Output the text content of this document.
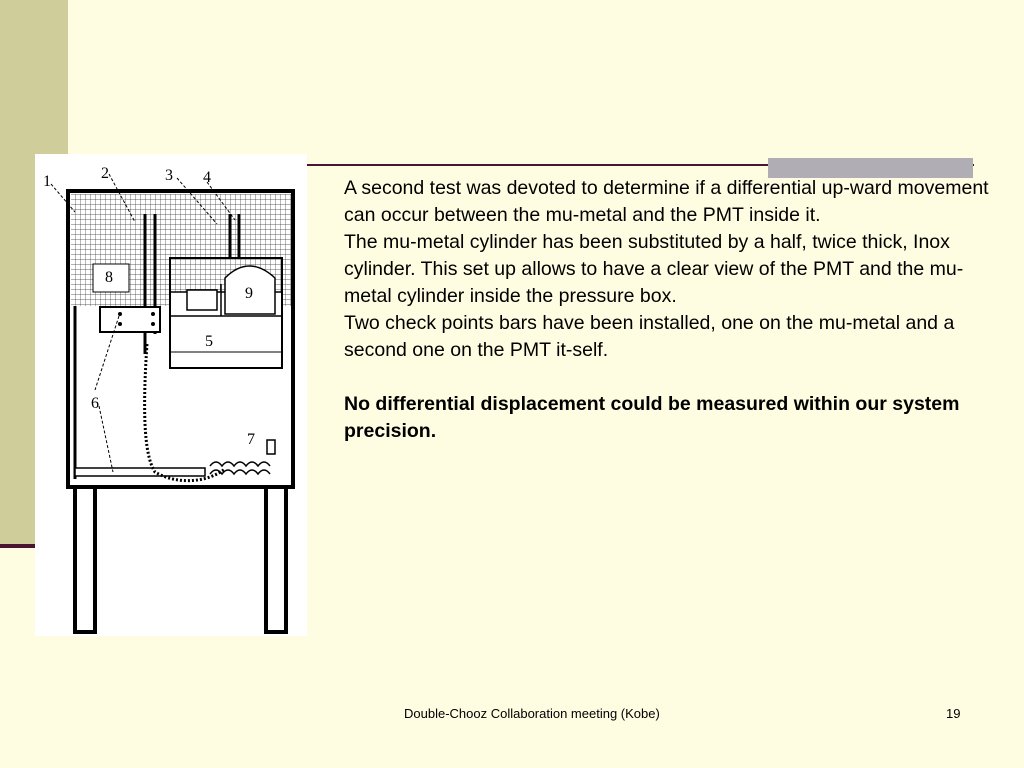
1	2	3 4
5
6
7
8
9

A second test was devoted to determine if a differential up-ward movement can occur between the mu-metal and the PMT inside it.

The mu-metal cylinder has been substituted by a half, twice thick, Inox cylinder. This set up allows to have a clear view of the PMT and the mu-metal cylinder inside the pressure box.

Two check points bars have been installed, one on the mu-metal and a second one on the PMT it-self.

No differential displacement could be measured within our system precision.

Double-Chooz Collaboration meeting (Kobe)	19
